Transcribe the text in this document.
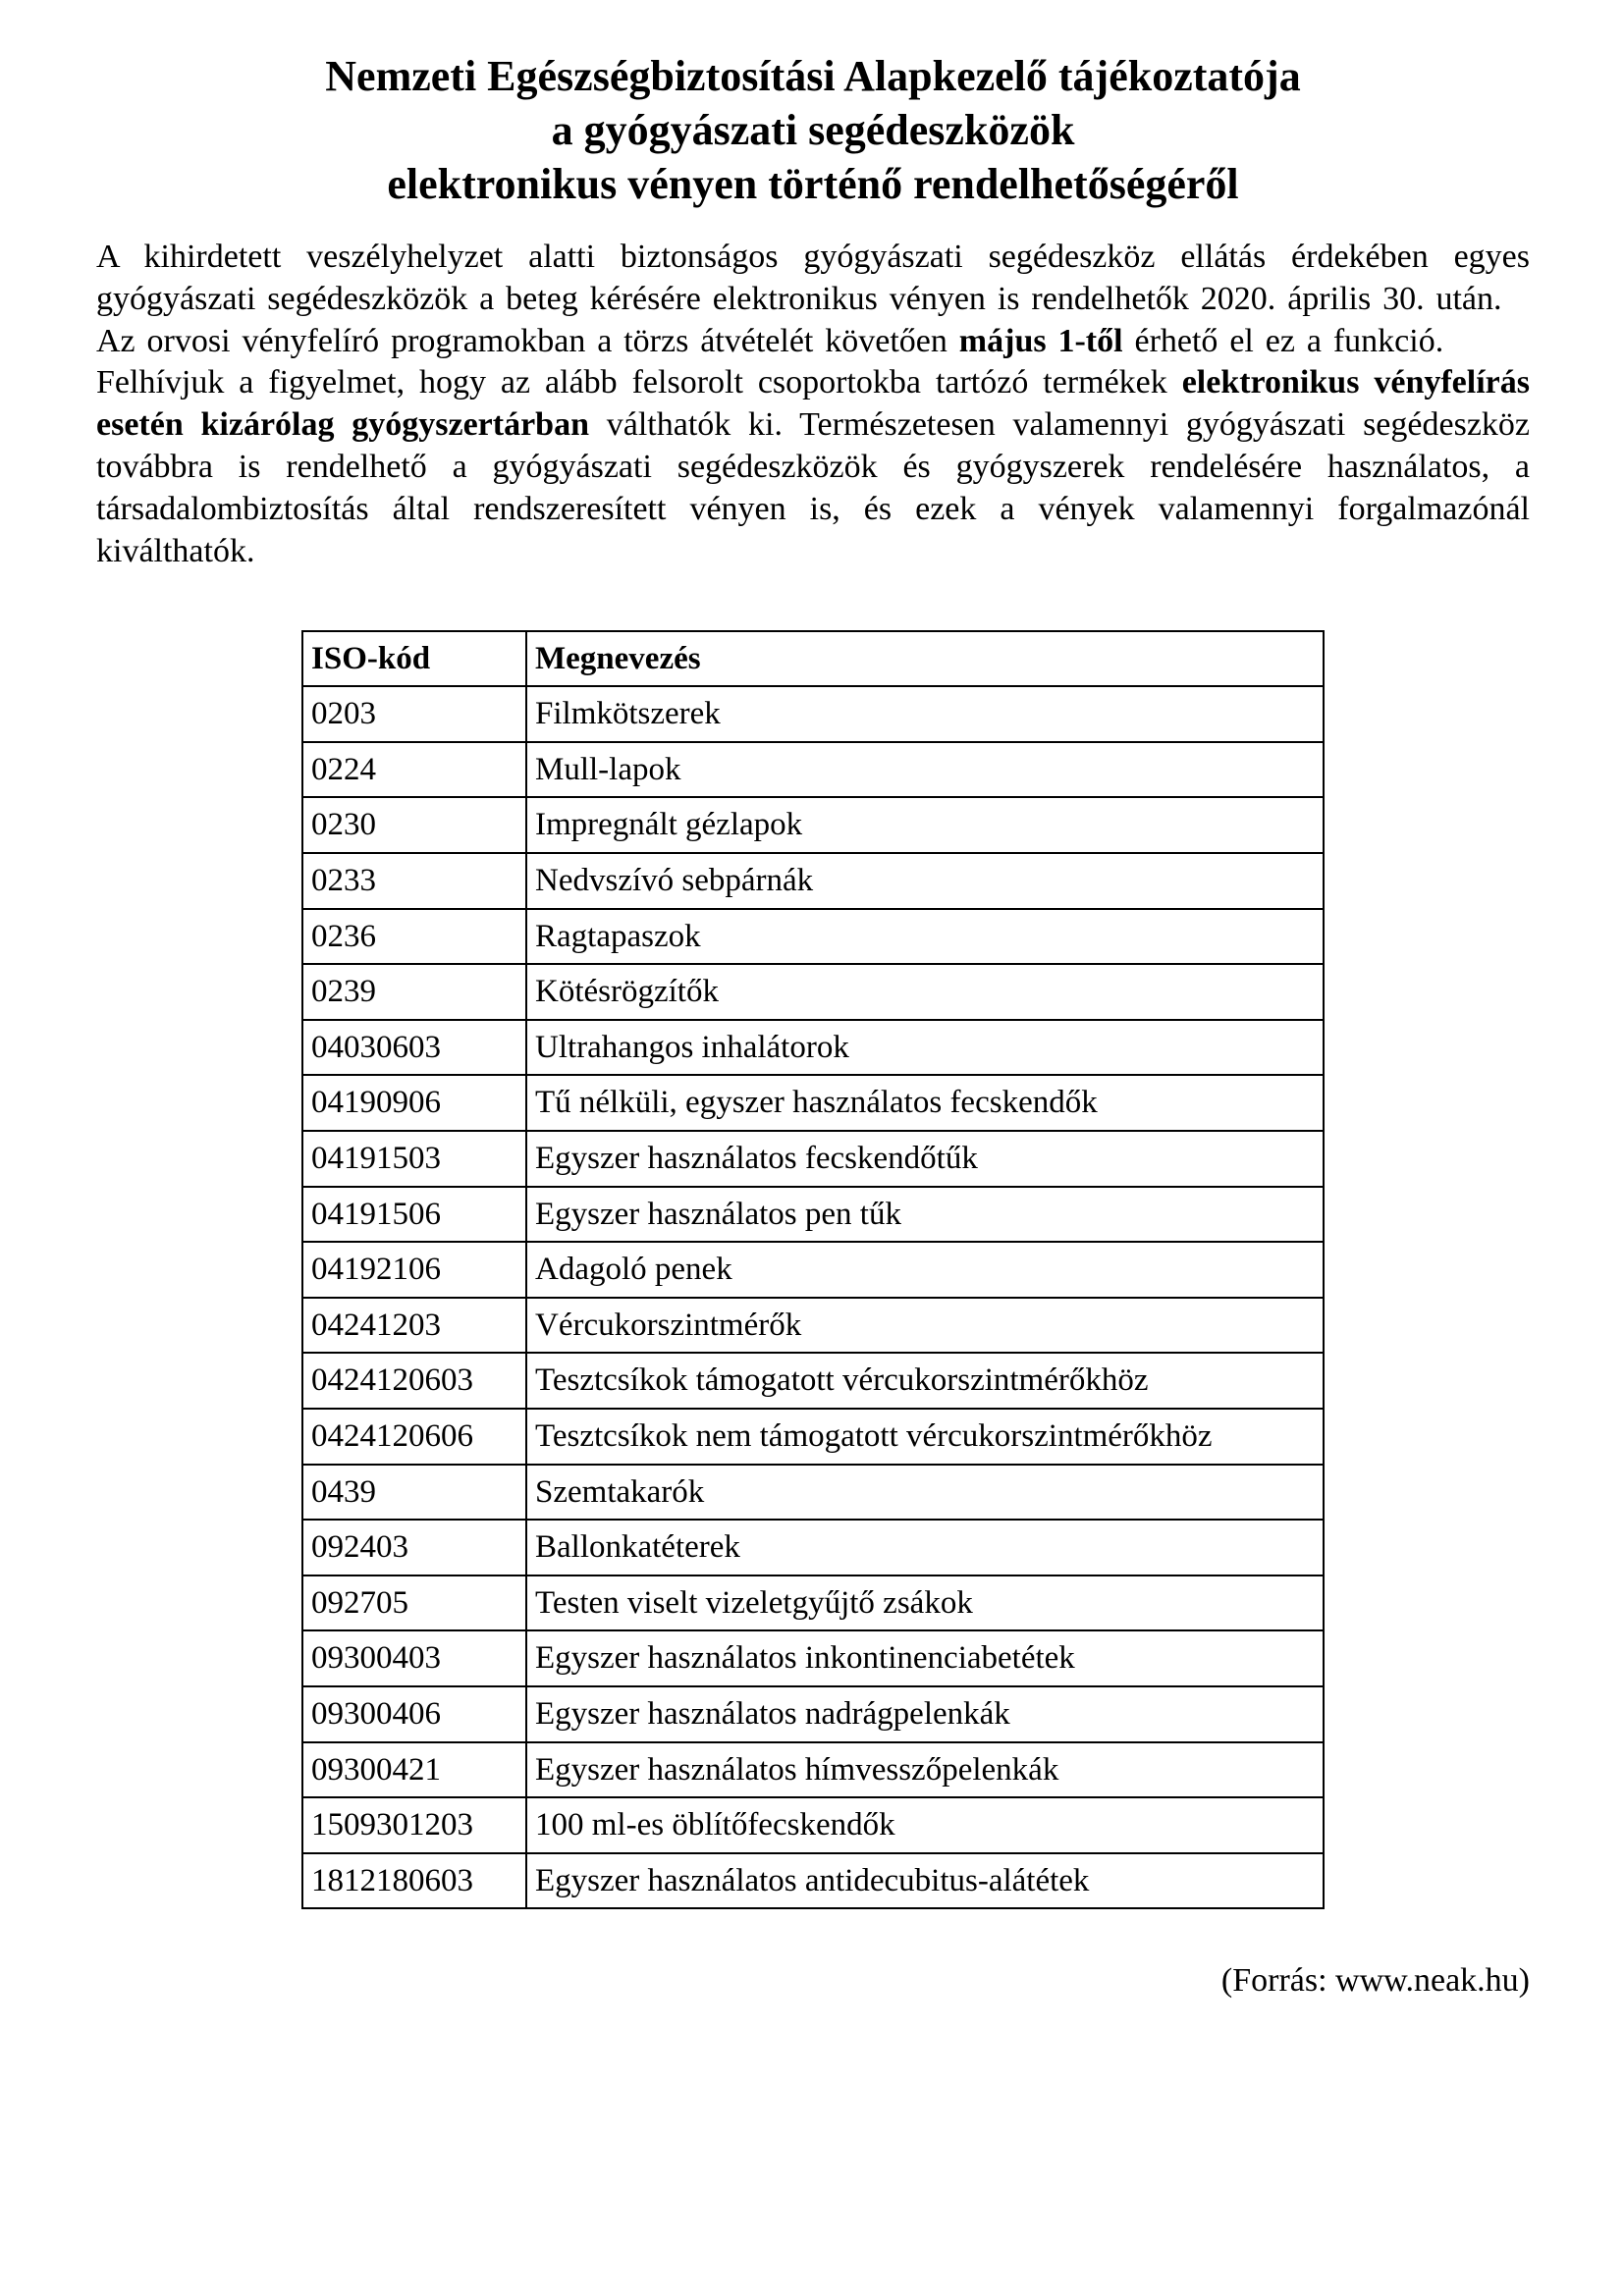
Nemzeti Egészségbiztosítási Alapkezelő tájékoztatója
a gyógyászati segédeszközök
elektronikus vényen történő rendelhetőségéről

A kihirdetett veszélyhelyzet alatti biztonságos gyógyászati segédeszköz ellátás érdekében egyes gyógyászati segédeszközök a beteg kérésére elektronikus vényen is rendelhetők 2020. április 30. után.

Az orvosi vényfelíró programokban a törzs átvételét követően május 1-től érhető el ez a funkció.

Felhívjuk a figyelmet, hogy az alább felsorolt csoportokba tartózó termékek elektronikus vényfelírás esetén kizárólag gyógyszertárban válthatók ki. Természetesen valamennyi gyógyászati segédeszköz továbbra is rendelhető a gyógyászati segédeszközök és gyógyszerek rendelésére használatos, a társadalombiztosítás által rendszeresített vényen is, és ezek a vények valamennyi forgalmazónál kiválthatók.

ISO-kód	Megnevezés
0203	Filmkötszerek
0224	Mull-lapok
0230	Impregnált gézlapok
0233	Nedvszívó sebpárnák
0236	Ragtapaszok
0239	Kötésrögzítők
04030603	Ultrahangos inhalátorok
04190906	Tű nélküli, egyszer használatos fecskendők
04191503	Egyszer használatos fecskendőtűk
04191506	Egyszer használatos pen tűk
04192106	Adagoló penek
04241203	Vércukorszintmérők
0424120603	Tesztcsíkok támogatott vércukorszintmérőkhöz
0424120606	Tesztcsíkok nem támogatott vércukorszintmérőkhöz
0439	Szemtakarók
092403	Ballonkatéterek
092705	Testen viselt vizeletgyűjtő zsákok
09300403	Egyszer használatos inkontinenciabetétek
09300406	Egyszer használatos nadrágpelenkák
09300421	Egyszer használatos hímvesszőpelenkák
1509301203	100 ml-es öblítőfecskendők
1812180603	Egyszer használatos antidecubitus-alátétek
(Forrás: www.neak.hu)
